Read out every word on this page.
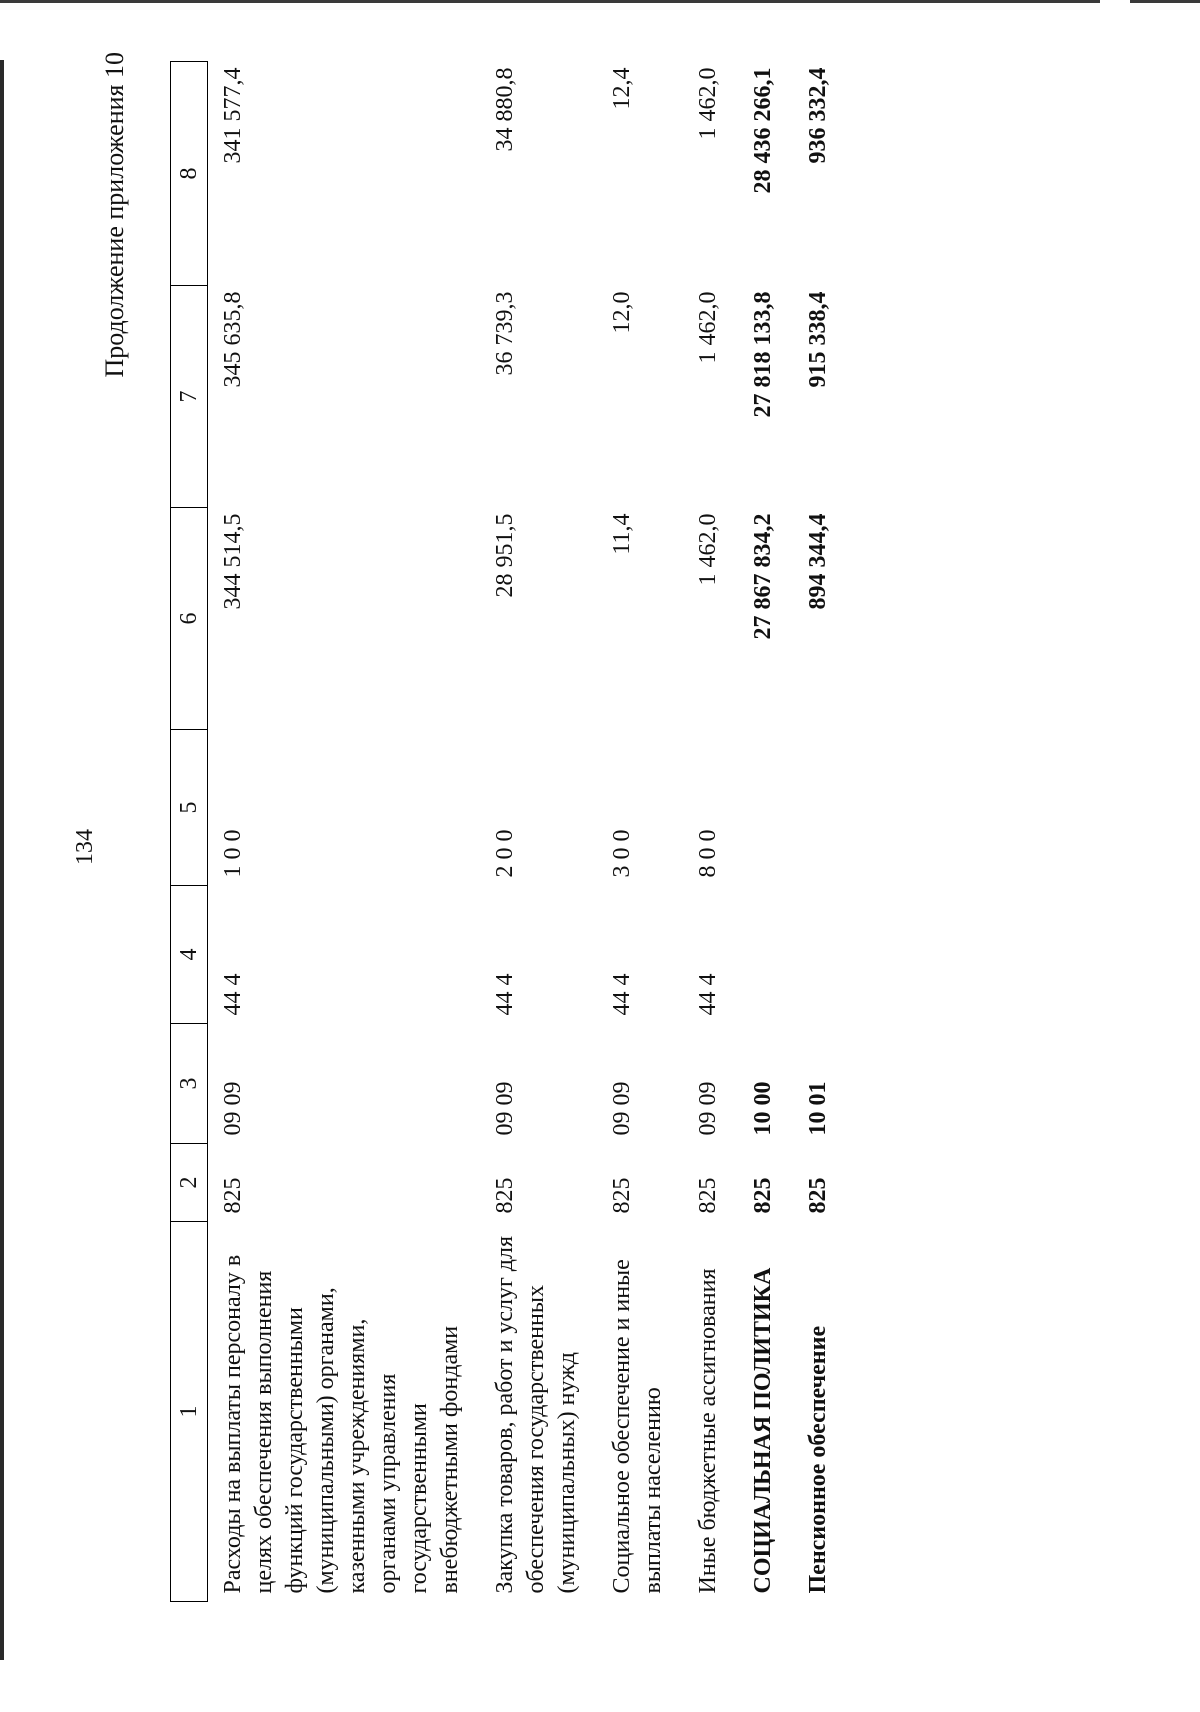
134
Продолжение приложения 10
1	2	3	4	5	6	7	8
Расходы на выплаты персоналу в целях обеспечения выполнения функций государственными (муниципальными) органами, казенными учреждениями, органами управления государственными внебюджетными фондами	825	09 09	44 4	1 0 0	344 514,5	345 635,8	341 577,4
Закупка товаров, работ и услуг для обеспечения государственных (муниципальных) нужд	825	09 09	44 4	2 0 0	28 951,5	36 739,3	34 880,8
Социальное обеспечение и иные выплаты населению	825	09 09	44 4	3 0 0	11,4	12,0	12,4
Иные бюджетные ассигнования	825	09 09	44 4	8 0 0	1 462,0	1 462,0	1 462,0
СОЦИАЛЬНАЯ ПОЛИТИКА	825	10 00			27 867 834,2	27 818 133,8	28 436 266,1
Пенсионное обеспечение	825	10 01			894 344,4	915 338,4	936 332,4
